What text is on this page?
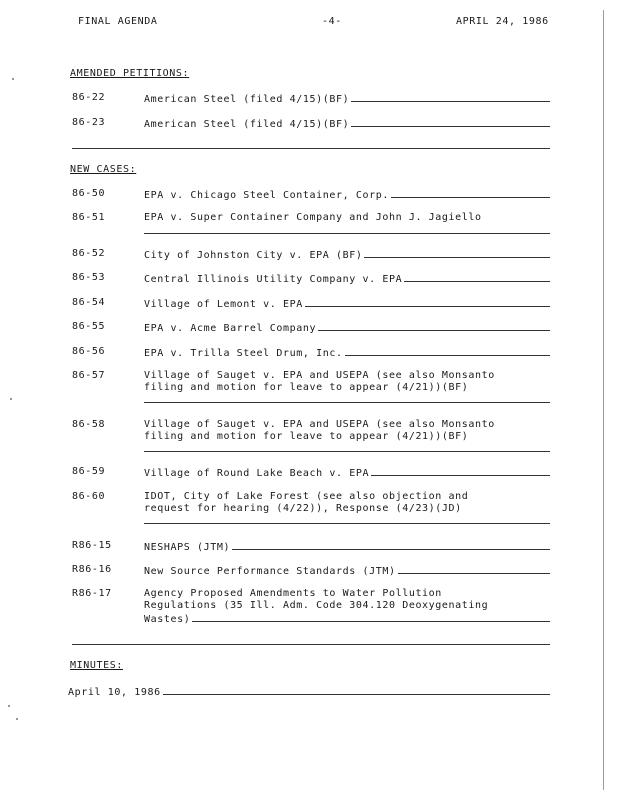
FINAL AGENDA	-4-	APRIL 24, 1986
AMENDED PETITIONS:
86-22	American Steel (filed 4/15)(BF)
86-23	American Steel (filed 4/15)(BF)
NEW CASES:
86-50	EPA v. Chicago Steel Container, Corp.
86-51	EPA v. Super Container Company and John J. Jagiello
86-52	City of Johnston City v. EPA (BF)
86-53	Central Illinois Utility Company v. EPA
86-54	Village of Lemont v. EPA
86-55	EPA v. Acme Barrel Company
86-56	EPA v. Trilla Steel Drum, Inc.
86-57	Village of Sauget v. EPA and USEPA (see also Monsanto
filing and motion for leave to appear (4/21))(BF)
86-58	Village of Sauget v. EPA and USEPA (see also Monsanto
filing and motion for leave to appear (4/21))(BF)
86-59	Village of Round Lake Beach v. EPA
86-60	IDOT, City of Lake Forest (see also objection and
request for hearing (4/22)), Response (4/23)(JD)
R86-15	NESHAPS (JTM)
R86-16	New Source Performance Standards (JTM)
R86-17	Agency Proposed Amendments to Water Pollution
Regulations (35 Ill. Adm. Code 304.120 Deoxygenating
Wastes)
MINUTES:
April 10, 1986
